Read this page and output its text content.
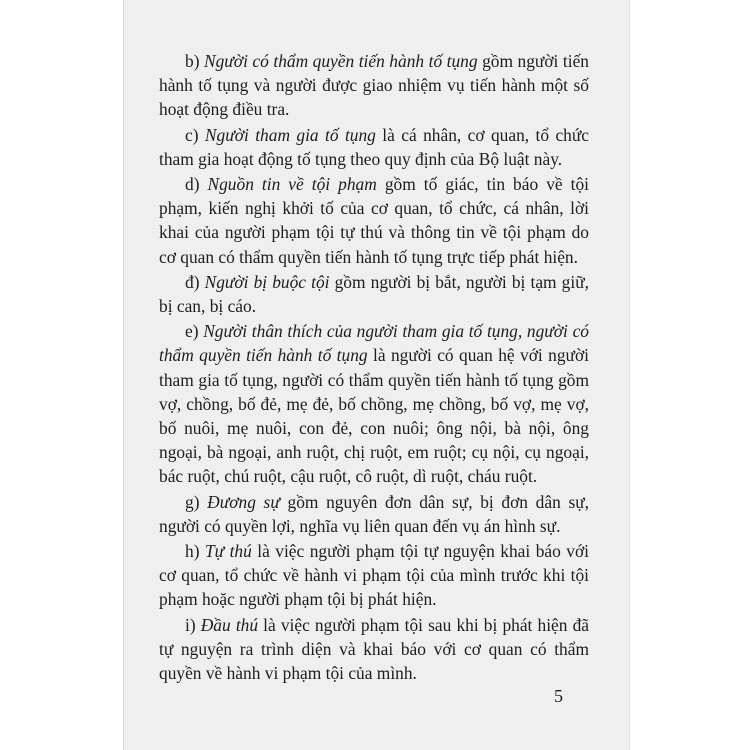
b) Người có thẩm quyền tiến hành tố tụng gồm người tiến hành tố tụng và người được giao nhiệm vụ tiến hành một số hoạt động điều tra.

c) Người tham gia tố tụng là cá nhân, cơ quan, tổ chức tham gia hoạt động tố tụng theo quy định của Bộ luật này.

d) Nguồn tin về tội phạm gồm tố giác, tin báo về tội phạm, kiến nghị khởi tố của cơ quan, tổ chức, cá nhân, lời khai của người phạm tội tự thú và thông tin về tội phạm do cơ quan có thẩm quyền tiến hành tố tụng trực tiếp phát hiện.

đ) Người bị buộc tội gồm người bị bắt, người bị tạm giữ, bị can, bị cáo.

e) Người thân thích của người tham gia tố tụng, người có thẩm quyền tiến hành tố tụng là người có quan hệ với người tham gia tố tụng, người có thẩm quyền tiến hành tố tụng gồm vợ, chồng, bố đẻ, mẹ đẻ, bố chồng, mẹ chồng, bố vợ, mẹ vợ, bố nuôi, mẹ nuôi, con đẻ, con nuôi; ông nội, bà nội, ông ngoại, bà ngoại, anh ruột, chị ruột, em ruột; cụ nội, cụ ngoại, bác ruột, chú ruột, cậu ruột, cô ruột, dì ruột, cháu ruột.

g) Đương sự gồm nguyên đơn dân sự, bị đơn dân sự, người có quyền lợi, nghĩa vụ liên quan đến vụ án hình sự.

h) Tự thú là việc người phạm tội tự nguyện khai báo với cơ quan, tổ chức về hành vi phạm tội của mình trước khi tội phạm hoặc người phạm tội bị phát hiện.

i) Đầu thú là việc người phạm tội sau khi bị phát hiện đã tự nguyện ra trình diện và khai báo với cơ quan có thẩm quyền về hành vi phạm tội của mình.

5
